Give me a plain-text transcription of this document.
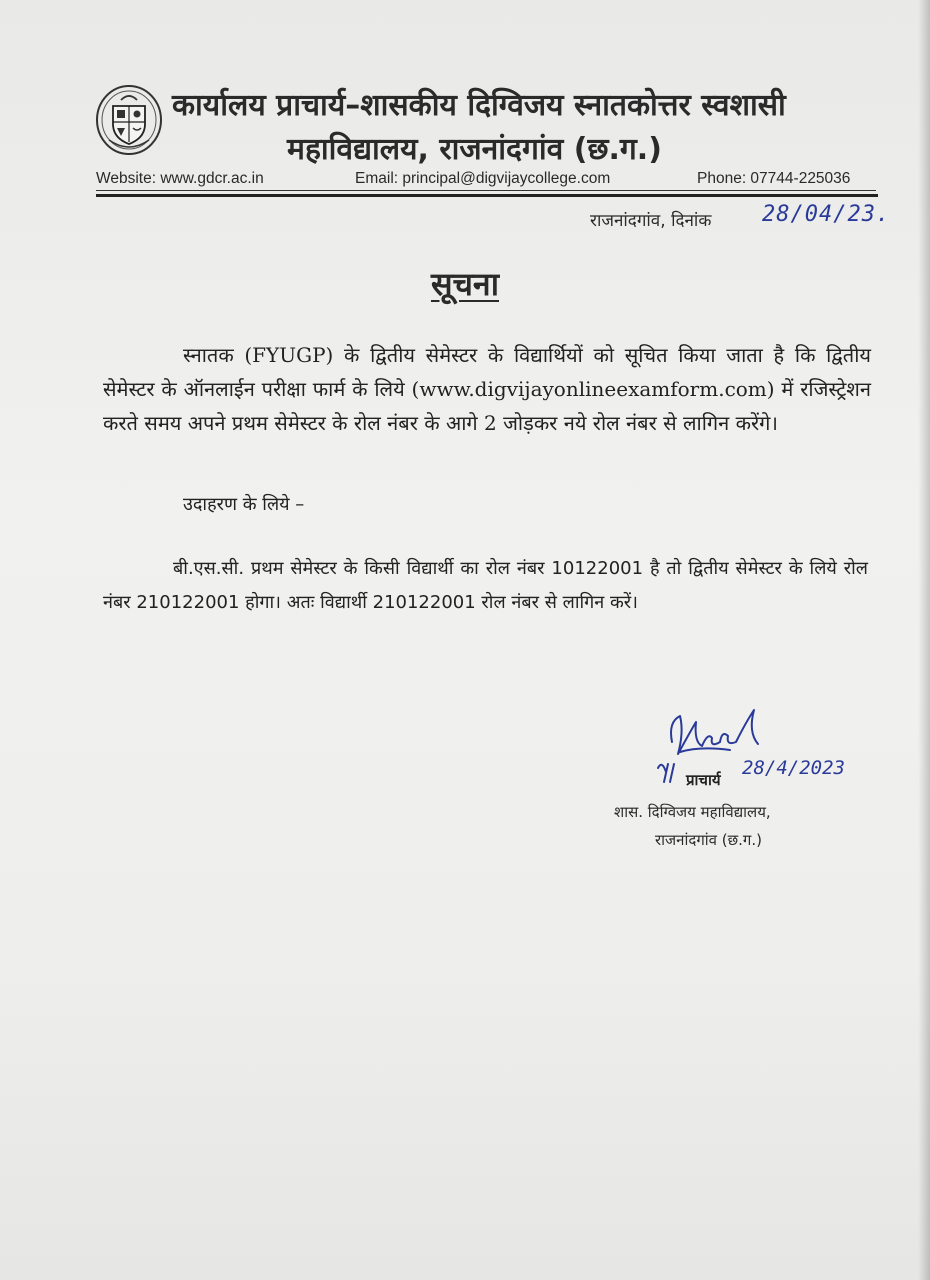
कार्यालय प्राचार्य–शासकीय दिग्विजय स्नातकोत्तर स्वशासी
महाविद्यालय, राजनांदगांव (छ.ग.)
Website: www.gdcr.ac.in	Email: principal@digvijaycollege.com	Phone: 07744-225036
राजनांदगांव, दिनांक 28/04/23.
सूचना
स्नातक (FYUGP) के द्वितीय सेमेस्टर के विद्यार्थियों को सूचित किया जाता है कि द्वितीय सेमेस्टर के ऑनलाईन परीक्षा फार्म के लिये (www.digvijayonlineexamform.com) में रजिस्ट्रेशन करते समय अपने प्रथम सेमेस्टर के रोल नंबर के आगे 2 जोड़कर नये रोल नंबर से लागिन करेंगे।
उदाहरण के लिये –
बी.एस.सी. प्रथम सेमेस्टर के किसी विद्यार्थी का रोल नंबर 10122001 है तो द्वितीय सेमेस्टर के लिये रोल नंबर 210122001 होगा। अतः विद्यार्थी 210122001 रोल नंबर से लागिन करें।
28/4/2023
प्राचार्य
शास. दिग्विजय महाविद्यालय,
राजनांदगांव (छ.ग.)
